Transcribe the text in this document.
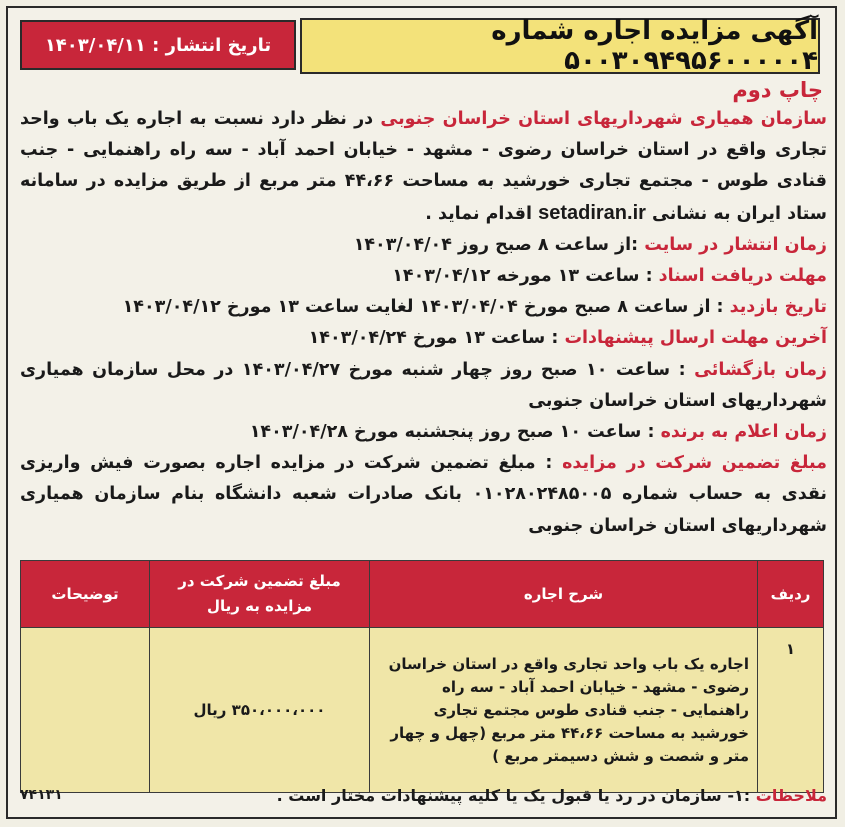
تاریخ انتشار : ۱۴۰۳/۰۴/۱۱	آگهی مزایده اجاره شماره ۵۰۰۳۰۹۴۹۵۶۰۰۰۰۰۴
چاپ دوم

سازمان همیاری شهرداریهای استان خراسان جنوبی در نظر دارد نسبت به اجاره یک باب واحد تجاری واقع در استان خراسان رضوی - مشهد - خیابان احمد آباد - سه راه راهنمایی - جنب قنادی طوس - مجتمع تجاری خورشید به مساحت ۴۴،۶۶ متر مربع از طریق مزایده در سامانه ستاد ایران به نشانی setadiran.ir اقدام نماید .

زمان انتشار در سایت :از ساعت ۸ صبح روز ۱۴۰۳/۰۴/۰۴

مهلت دریافت اسناد : ساعت ۱۳ مورخه ۱۴۰۳/۰۴/۱۲

تاریخ بازدید : از ساعت ۸ صبح مورخ ۱۴۰۳/۰۴/۰۴ لغایت ساعت ۱۳ مورخ ۱۴۰۳/۰۴/۱۲

آخرین مهلت ارسال پیشنهادات : ساعت ۱۳ مورخ ۱۴۰۳/۰۴/۲۴

زمان بازگشائی : ساعت ۱۰ صبح روز چهار شنبه مورخ ۱۴۰۳/۰۴/۲۷ در محل سازمان همیاری شهرداریهای استان خراسان جنوبی

زمان اعلام به برنده : ساعت ۱۰ صبح روز پنجشنبه مورخ ۱۴۰۳/۰۴/۲۸

مبلغ تضمین شرکت در مزایده : مبلغ تضمین شرکت در مزایده اجاره بصورت فیش واریزی نقدی به حساب شماره ۰۱۰۲۸۰۲۴۸۵۰۰۵ بانک صادرات شعبه دانشگاه بنام سازمان همیاری شهرداریهای استان خراسان جنوبی

ردیف	شرح اجاره	مبلغ تضمین شرکت در مزایده به ریال	توضیحات
۱	اجاره یک باب واحد تجاری واقع در استان خراسان رضوی - مشهد - خیابان احمد آباد - سه راه راهنمایی - جنب قنادی طوس مجتمع تجاری خورشید به مساحت ۴۴،۶۶ متر مربع (چهل و چهار متر و شصت و شش دسیمتر مربع )	۳۵۰،۰۰۰،۰۰۰ ریال	
ملاحظات :۱- سازمان در رد یا قبول یک یا کلیه پیشنهادات مختار است .
۷۴۱۳۱
